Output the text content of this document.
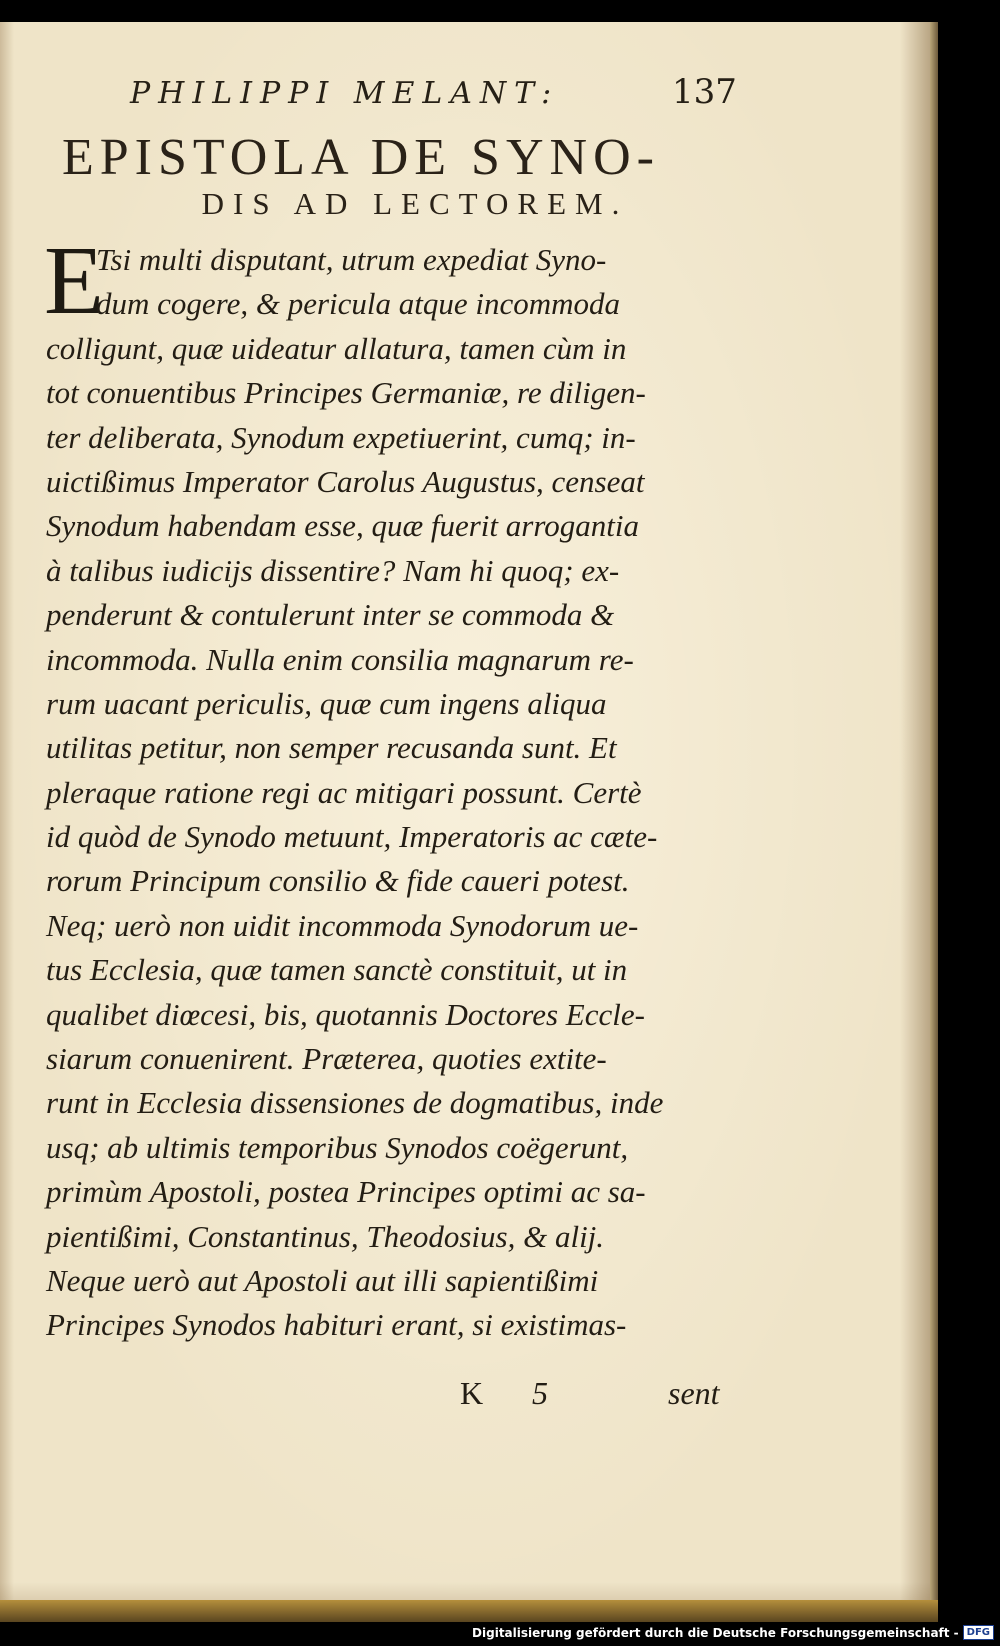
PHILIPPI MELANT:	137
EPISTOLA DE SYNO-
DIS AD LECTOREM.
E
Tsi multi disputant, utrum expediat Syno-
dum cogere, & pericula atque incommoda
colligunt, quæ uideatur allatura, tamen cùm in
tot conuentibus Principes Germaniæ, re diligen-
ter deliberata, Synodum expetiuerint, cumq; in-
uictißimus Imperator Carolus Augustus, censeat
Synodum habendam esse, quæ fuerit arrogantia
à talibus iudicijs dissentire? Nam hi quoq; ex-
penderunt & contulerunt inter se commoda &
incommoda. Nulla enim consilia magnarum re-
rum uacant periculis, quæ cum ingens aliqua
utilitas petitur, non semper recusanda sunt. Et
pleraque ratione regi ac mitigari possunt. Certè
id quòd de Synodo metuunt, Imperatoris ac cæte-
rorum Principum consilio & fide caueri potest.
Neq; uerò non uidit incommoda Synodorum ue-
tus Ecclesia, quæ tamen sanctè constituit, ut in
qualibet diœcesi, bis, quotannis Doctores Eccle-
siarum conuenirent. Præterea, quoties extite-
runt in Ecclesia dissensiones de dogmatibus, inde
usq; ab ultimis temporibus Synodos coëgerunt,
primùm Apostoli, postea Principes optimi ac sa-
pientißimi, Constantinus, Theodosius, & alij.
Neque uerò aut Apostoli aut illi sapientißimi
Principes Synodos habituri erant, si existimas-
K 5	sent
Digitalisierung gefördert durch die Deutsche Forschungsgemeinschaft - DFG
